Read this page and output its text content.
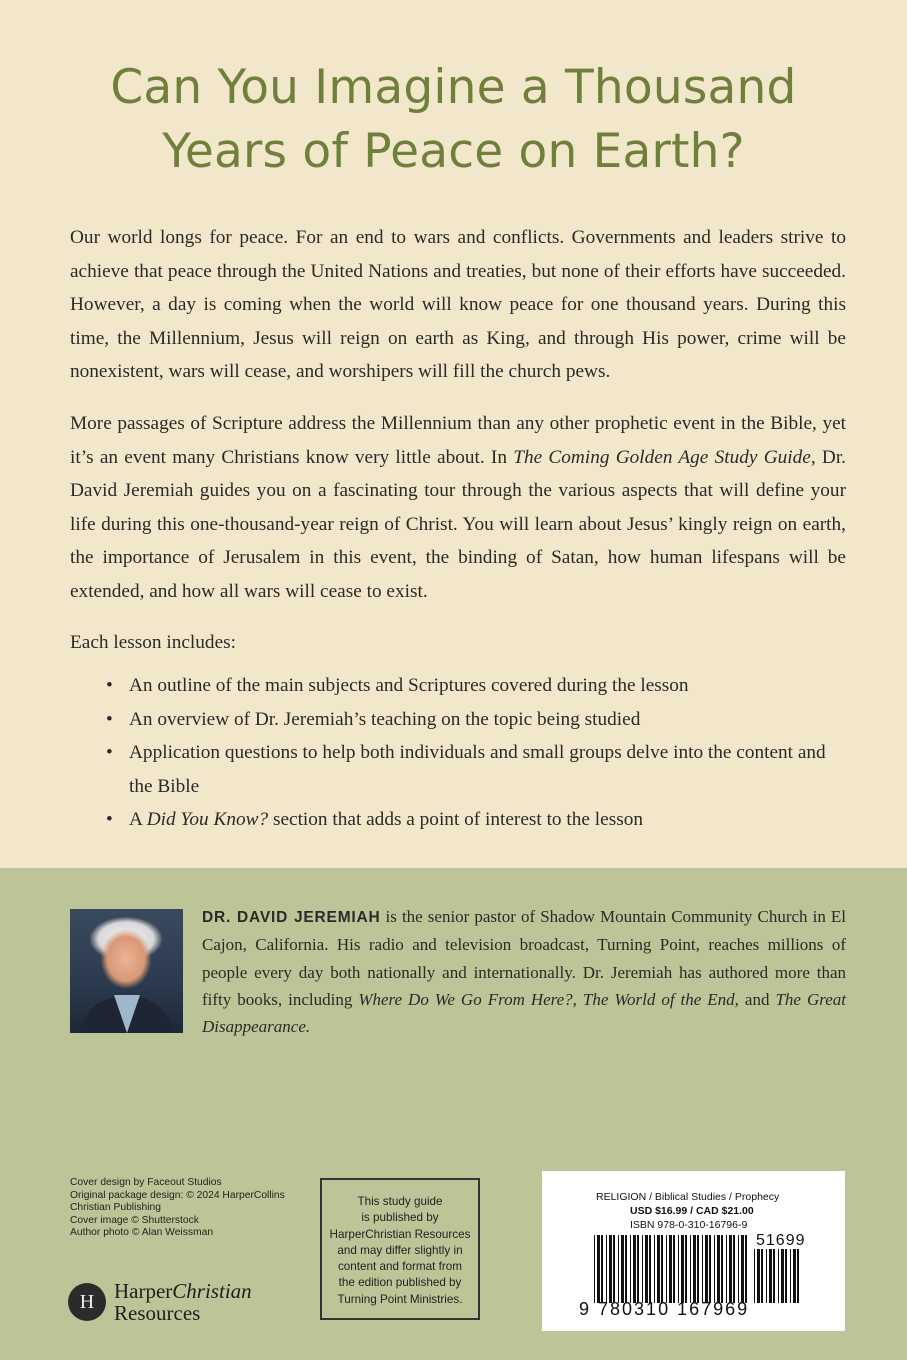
Can You Imagine a Thousand
Years of Peace on Earth?

Our world longs for peace. For an end to wars and conflicts. Governments and leaders strive to achieve that peace through the United Nations and treaties, but none of their efforts have succeeded. However, a day is coming when the world will know peace for one thousand years. During this time, the Millennium, Jesus will reign on earth as King, and through His power, crime will be nonexistent, wars will cease, and worshipers will fill the church pews.

More passages of Scripture address the Millennium than any other prophetic event in the Bible, yet it’s an event many Christians know very little about. In The Coming Golden Age Study Guide, Dr. David Jeremiah guides you on a fascinating tour through the various aspects that will define your life during this one-thousand-year reign of Christ. You will learn about Jesus’ kingly reign on earth, the importance of Jerusalem in this event, the binding of Satan, how human lifespans will be extended, and how all wars will cease to exist.

Each lesson includes:

• An outline of the main subjects and Scriptures covered during the lesson
• An overview of Dr. Jeremiah’s teaching on the topic being studied
• Application questions to help both individuals and small groups delve into the content and the Bible
• A Did You Know? section that adds a point of interest to the lesson

DR. DAVID JEREMIAH is the senior pastor of Shadow Mountain Community Church in El Cajon, California. His radio and television broadcast, Turning Point, reaches millions of people every day both nationally and internationally. Dr. Jeremiah has authored more than fifty books, including Where Do We Go From Here?, The World of the End, and The Great Disappearance.

Cover design by Faceout Studios
Original package design: © 2024 HarperCollins
Christian Publishing
Cover image © Shutterstock
Author photo © Alan Weissman
H HarperChristian
Resources
This study guide
is published by
HarperChristian Resources
and may differ slightly in
content and format from
the edition published by
Turning Point Ministries.
RELIGION / Biblical Studies / Prophecy
USD $16.99 / CAD $21.00
ISBN 978-0-310-16796-9
51699
9 780310 167969
